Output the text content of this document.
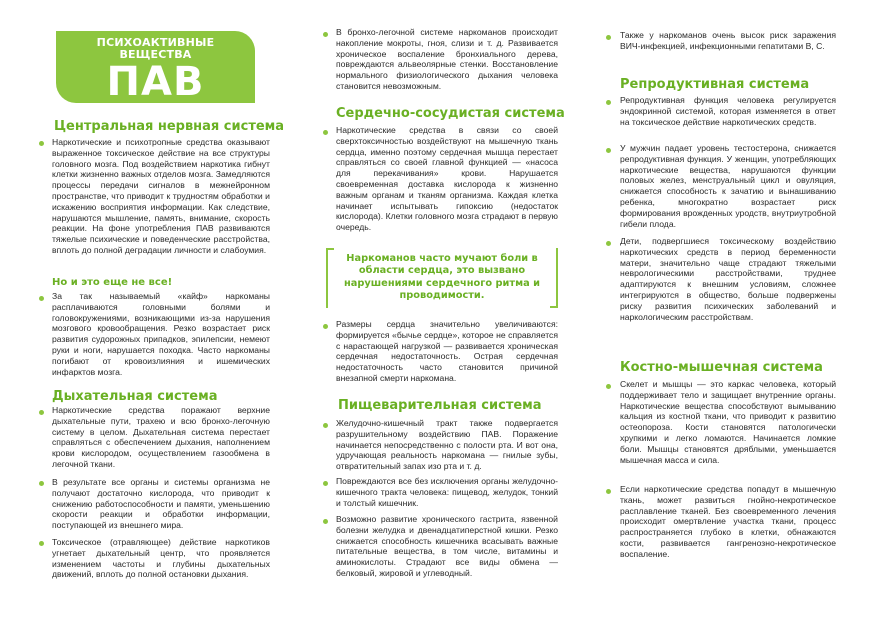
ПСИХОАКТИВНЫЕ
ВЕЩЕСТВА
ПАВ
Центральная нервная система
Наркотические и психотропные средства оказывают выраженное токсическое действие на все структуры головного мозга. Под воздействием наркотика гибнут клетки жизненно важных отделов мозга. Замедляются процессы передачи сигналов в межнейронном пространстве, что приводит к трудностям обработки и искажению восприятия информации. Как следствие, нарушаются мышление, память, внимание, скорость реакции. На фоне употребления ПАВ развиваются тяжелые психические и поведенческие расстройства, вплоть до полной деградации личности и слабоумия.
Но и это еще не все!
За так называемый «кайф» наркоманы расплачиваются головными болями и головокружениями, возникающими из-за нарушения мозгового кровообращения. Резко возрастает риск развития судорожных припадков, эпилепсии, немеют руки и ноги, нарушается походка. Часто наркоманы погибают от кровоизлияния и ишемических инфарктов мозга.
Дыхательная система
Наркотические средства поражают верхние дыхательные пути, трахею и всю бронхо-легочную систему в целом. Дыхательная система перестает справляться с обеспечением дыхания, наполнением крови кислородом, осуществлением газообмена в легочной ткани.
В результате все органы и системы организма не получают достаточно кислорода, что приводит к снижению работоспособности и памяти, уменьшению скорости реакции и обработки информации, поступающей из внешнего мира.
Токсическое (отравляющее) действие наркотиков угнетает дыхательный центр, что проявляется изменением частоты и глубины дыхательных движений, вплоть до полной остановки дыхания.
В бронхо-легочной системе наркоманов происходит накопление мокроты, гноя, слизи и т. д. Развивается хроническое воспаление бронхиального дерева, повреждаются альвеолярные стенки. Восстановление нормального физиологического дыхания человека становится невозможным.
Сердечно-сосудистая система
Наркотические средства в связи со своей сверхтоксичностью воздействуют на мышечную ткань сердца, именно поэтому сердечная мышца перестает справляться со своей главной функцией — «насоса для перекачивания» крови. Нарушается своевременная доставка кислорода к жизненно важным органам и тканям организма. Каждая клетка начинает испытывать гипоксию (недостаток кислорода). Клетки головного мозга страдают в первую очередь.
Наркоманов часто мучают боли в области сердца, это вызвано нарушениями сердечного ритма и проводимости.
Размеры сердца значительно увеличиваются: формируется «бычье сердце», которое не справляется с нарастающей нагрузкой — развивается хроническая сердечная недостаточность. Острая сердечная недостаточность часто становится причиной внезапной смерти наркомана.
Пищеварительная система
Желудочно-кишечный тракт также подвергается разрушительному воздействию ПАВ. Поражение начинается непосредственно с полости рта. И вот она, удручающая реальность наркомана — гнилые зубы, отвратительный запах изо рта и т. д.
Повреждаются все без исключения органы желудочно-кишечного тракта человека: пищевод, желудок, тонкий и толстый кишечник.
Возможно развитие хронического гастрита, язвенной болезни желудка и двенадцатиперстной кишки. Резко снижается способность кишечника всасывать важные питательные вещества, в том числе, витамины и аминокислоты. Страдают все виды обмена — белковый, жировой и углеводный.
Также у наркоманов очень высок риск заражения ВИЧ-инфекцией, инфекционными гепатитами В, С.
Репродуктивная система
Репродуктивная функция человека регулируется эндокринной системой, которая изменяется в ответ на токсическое действие наркотических средств.
У мужчин падает уровень тестостерона, снижается репродуктивная функция. У женщин, употребляющих наркотические вещества, нарушаются функции половых желез, менструальный цикл и овуляция, снижается способность к зачатию и вынашиванию ребенка, многократно возрастает риск формирования врожденных уродств, внутриутробной гибели плода.
Дети, подвергшиеся токсическому воздействию наркотических средств в период беременности матери, значительно чаще страдают тяжелыми неврологическими расстройствами, труднее адаптируются к внешним условиям, сложнее интегрируются в общество, больше подвержены риску развития психических заболеваний и наркологическим расстройствам.
Костно-мышечная система
Скелет и мышцы — это каркас человека, который поддерживает тело и защищает внутренние органы. Наркотические вещества способствуют вымыванию кальция из костной ткани, что приводит к развитию остеопороза. Кости становятся патологически хрупкими и легко ломаются. Начинается ломкие боли. Мышцы становятся дряблыми, уменьшается мышечная масса и сила.
Если наркотические средства попадут в мышечную ткань, может развиться гнойно-некротическое расплавление тканей. Без своевременного лечения происходит омертвление участка ткани, процесс распространяется глубоко в клетки, обнажаются кости, развивается гангренозно-некротическое воспаление.
